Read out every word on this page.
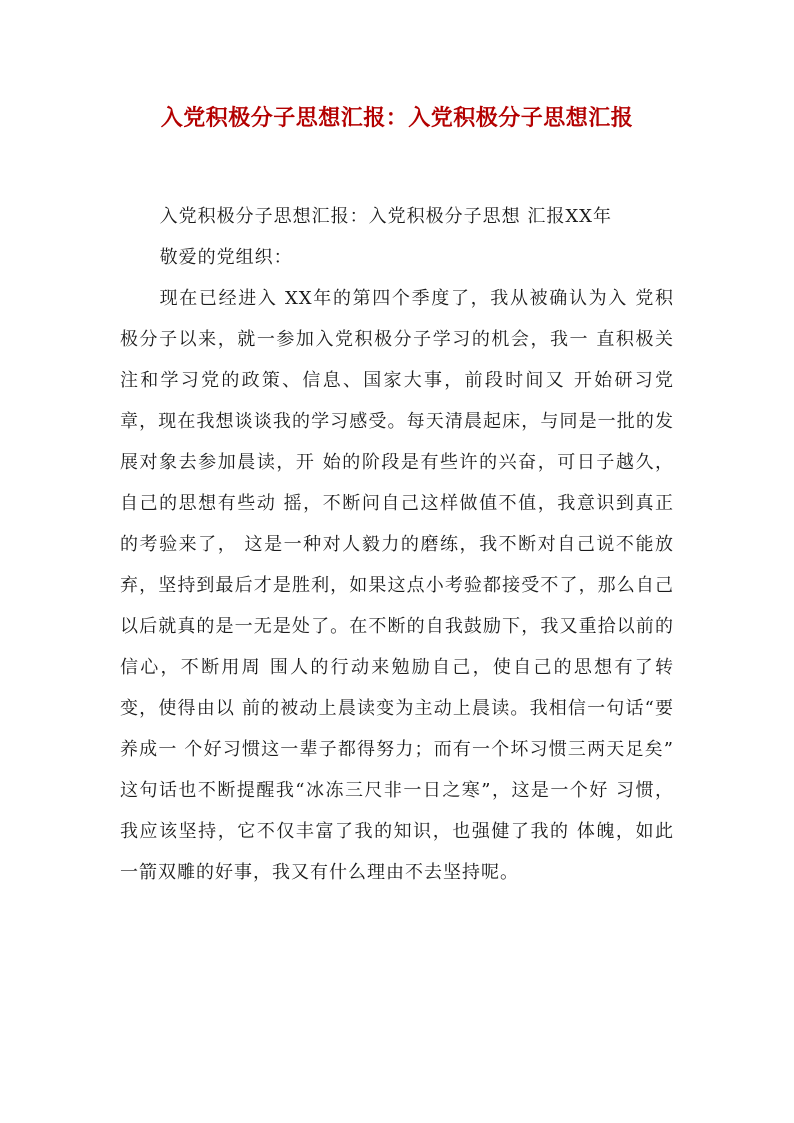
入党积极分子思想汇报：入党积极分子思想汇报

入党积极分子思想汇报：入党积极分子思想 汇报XX年

敬爱的党组织：

现在已经进入 XX年的第四个季度了，我从被确认为入 党积极分子以来，就一参加入党积极分子学习的机会，我一 直积极关注和学习党的政策、信息、国家大事，前段时间又 开始研习党章，现在我想谈谈我的学习感受。每天清晨起床，与同是一批的发展对象去参加晨读，开 始的阶段是有些许的兴奋，可日子越久，自己的思想有些动 摇，不断问自己这样做值不值，我意识到真正的考验来了， 这是一种对人毅力的磨练，我不断对自己说不能放弃，坚持到最后才是胜利，如果这点小考验都接受不了，那么自己以后就真的是一无是处了。在不断的自我鼓励下，我又重拾以前的信心，不断用周 围人的行动来勉励自己，使自己的思想有了转变，使得由以 前的被动上晨读变为主动上晨读。我相信一句话“要养成一 个好习惯这一辈子都得努力；而有一个坏习惯三两天足矣” 这句话也不断提醒我“冰冻三尺非一日之寒”，这是一个好 习惯，我应该坚持，它不仅丰富了我的知识，也强健了我的 体魄，如此一箭双雕的好事，我又有什么理由不去坚持呢。
